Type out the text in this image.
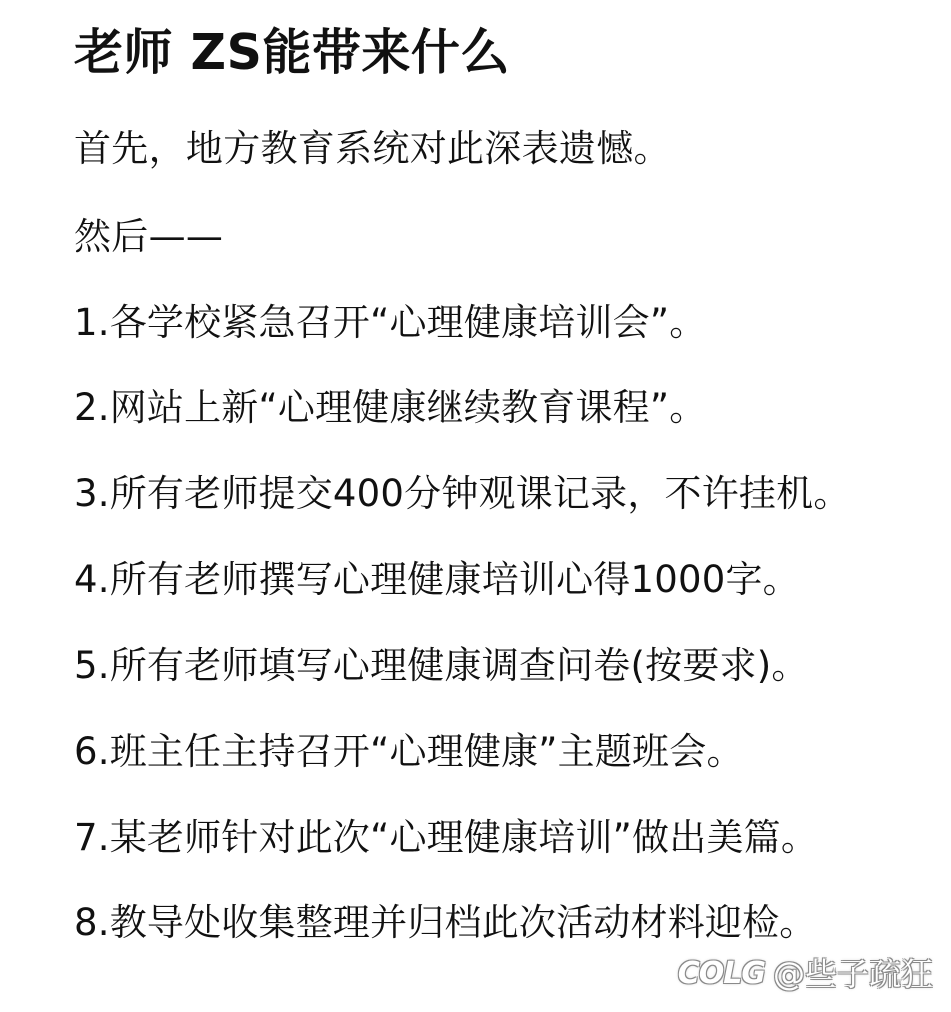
老师 ZS能带来什么

首先，地方教育系统对此深表遗憾。

然后——

1.各学校紧急召开“心理健康培训会”。
2.网站上新“心理健康继续教育课程”。
3.所有老师提交400分钟观课记录，不许挂机。
4.所有老师撰写心理健康培训心得1000字。
5.所有老师填写心理健康调查问卷(按要求)。
6.班主任主持召开“心理健康”主题班会。
7.某老师针对此次“心理健康培训”做出美篇。
8.教导处收集整理并归档此次活动材料迎检。
COLG @些子疏狂
